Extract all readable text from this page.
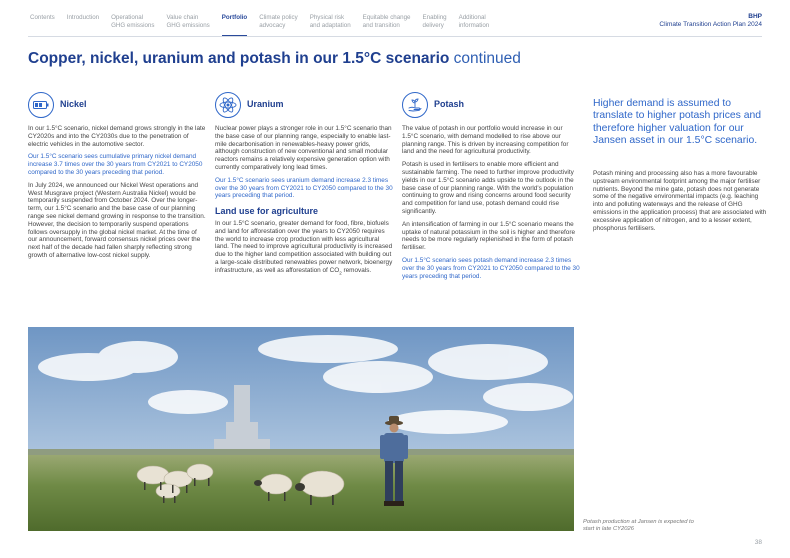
Contents Introduction Operational
GHG emissions
Value chain
GHG emissions
Portfolio Climate policy
advocacy
Physical risk
and adaptation
Equitable change
and transition
Enabling
delivery
Additional
information
BHP
Climate Transition Action Plan 2024
Copper, nickel, uranium and potash in our 1.5°C scenario continued
Nickel

In our 1.5°C scenario, nickel demand grows strongly in the late CY2020s and into the CY2030s due to the penetration of electric vehicles in the automotive sector.

Our 1.5°C scenario sees cumulative primary nickel demand increase 3.7 times over the 30 years from CY2021 to CY2050 compared to the 30 years preceding that period.

In July 2024, we announced our Nickel West operations and West Musgrave project (Western Australia Nickel) would be temporarily suspended from October 2024. Over the longer-term, our 1.5°C scenario and the base case of our planning range see nickel demand growing in response to the transition. However, the decision to temporarily suspend operations follows oversupply in the global nickel market. At the time of our announcement, forward consensus nickel prices over the next half of the decade had fallen sharply reflecting strong growth of alternative low-cost nickel supply.

Uranium

Nuclear power plays a stronger role in our 1.5°C scenario than the base case of our planning range, especially to enable last-mile decarbonisation in renewables-heavy power grids, although construction of new conventional and small modular reactors remains a relatively expensive generation option with currently comparatively long lead times.

Our 1.5°C scenario sees uranium demand increase 2.3 times over the 30 years from CY2021 to CY2050 compared to the 30 years preceding that period.

Land use for agriculture

In our 1.5°C scenario, greater demand for food, fibre, biofuels and land for afforestation over the years to CY2050 requires the world to increase crop production with less agricultural land. The need to improve agricultural productivity is increased due to the higher land competition associated with building out a large-scale distributed renewables power network, bioenergy infrastructure, as well as afforestation of $CO_2$ removals.

Potash

The value of potash in our portfolio would increase in our 1.5°C scenario, with demand modelled to rise above our planning range. This is driven by increasing competition for land and the need for agricultural productivity.

Potash is used in fertilisers to enable more efficient and sustainable farming. The need to further improve productivity yields in our 1.5°C scenario adds upside to the outlook in the base case of our planning range. With the world's population continuing to grow and rising concerns around food security and competition for land use, potash demand could rise significantly.

An intensification of farming in our 1.5°C scenario means the uptake of natural potassium in the soil is higher and therefore needs to be more regularly replenished in the form of potash fertiliser.

Our 1.5°C scenario sees potash demand increase 2.3 times over the 30 years from CY2021 to CY2050 compared to the 30 years preceding that period.

Higher demand is assumed to translate to higher potash prices and therefore higher valuation for our Jansen asset in our 1.5°C scenario.
Potash mining and processing also has a more favourable upstream environmental footprint among the major fertiliser nutrients. Beyond the mine gate, potash does not generate some of the negative environmental impacts (e.g. leaching into and polluting waterways and the release of GHG emissions in the application process) that are associated with excessive application of nitrogen, and to a lesser extent, phosphorus fertilisers.
Potash production at Jansen is expected to start in late CY2026
38
